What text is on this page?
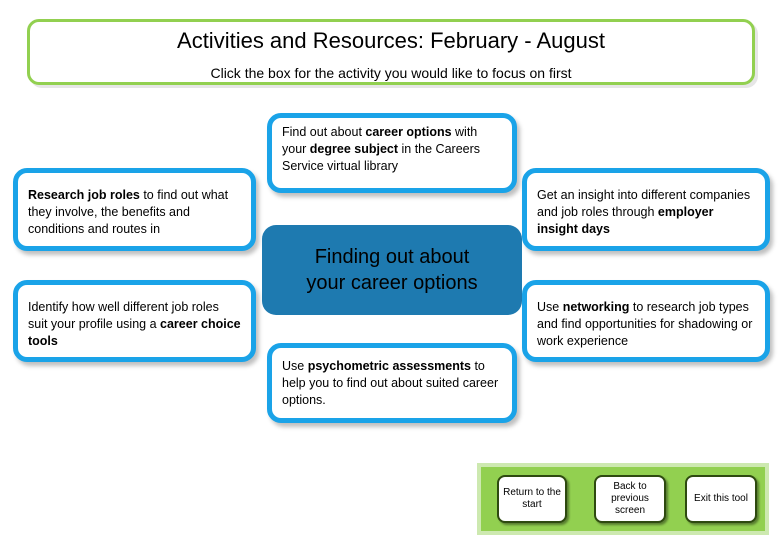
Activities and Resources: February - August
Click the box for the activity you would like to focus on first
Find out about career options with your degree subject in the Careers Service virtual library
Research job roles to find out what they involve, the benefits and conditions and routes in
Get an insight into different companies and job roles through employer insight days
Finding out about
your career options
Identify how well different job roles suit your profile using a career choice tools
Use networking to research job types and find opportunities for shadowing or work experience
Use psychometric assessments to help you to find out about suited career options.
Return to the start
Back to previous screen
Exit this tool
